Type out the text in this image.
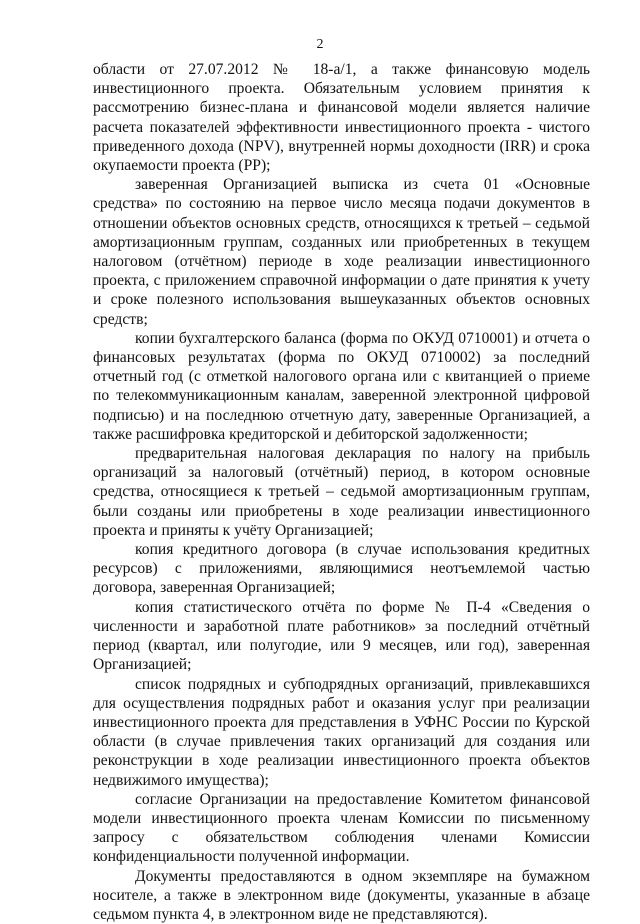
2

области от 27.07.2012 № 18-а/1, а также финансовую модель инвестиционного проекта. Обязательным условием принятия к рассмотрению бизнес-плана и финансовой модели является наличие расчета показателей эффективности инвестиционного проекта - чистого приведенного дохода (NPV), внутренней нормы доходности (IRR) и срока окупаемости проекта (PP);

заверенная Организацией выписка из счета 01 «Основные средства» по состоянию на первое число месяца подачи документов в отношении объектов основных средств, относящихся к третьей – седьмой амортизационным группам, созданных или приобретенных в текущем налоговом (отчётном) периоде в ходе реализации инвестиционного проекта, с приложением справочной информации о дате принятия к учету и сроке полезного использования вышеуказанных объектов основных средств;

копии бухгалтерского баланса (форма по ОКУД 0710001) и отчета о финансовых результатах (форма по ОКУД 0710002) за последний отчетный год (с отметкой налогового органа или с квитанцией о приеме по телекоммуникационным каналам, заверенной электронной цифровой подписью) и на последнюю отчетную дату, заверенные Организацией, а также расшифровка кредиторской и дебиторской задолженности;

предварительная налоговая декларация по налогу на прибыль организаций за налоговый (отчётный) период, в котором основные средства, относящиеся к третьей – седьмой амортизационным группам, были созданы или приобретены в ходе реализации инвестиционного проекта и приняты к учёту Организацией;

копия кредитного договора (в случае использования кредитных ресурсов) с приложениями, являющимися неотъемлемой частью договора, заверенная Организацией;

копия статистического отчёта по форме № П-4 «Сведения о численности и заработной плате работников» за последний отчётный период (квартал, или полугодие, или 9 месяцев, или год), заверенная Организацией;

список подрядных и субподрядных организаций, привлекавшихся для осуществления подрядных работ и оказания услуг при реализации инвестиционного проекта для представления в УФНС России по Курской области (в случае привлечения таких организаций для создания или реконструкции в ходе реализации инвестиционного проекта объектов недвижимого имущества);

согласие Организации на предоставление Комитетом финансовой модели инвестиционного проекта членам Комиссии по письменному запросу с обязательством соблюдения членами Комиссии конфиденциальности полученной информации.

Документы предоставляются в одном экземпляре на бумажном носителе, а также в электронном виде (документы, указанные в абзаце седьмом пункта 4, в электронном виде не представляются).
